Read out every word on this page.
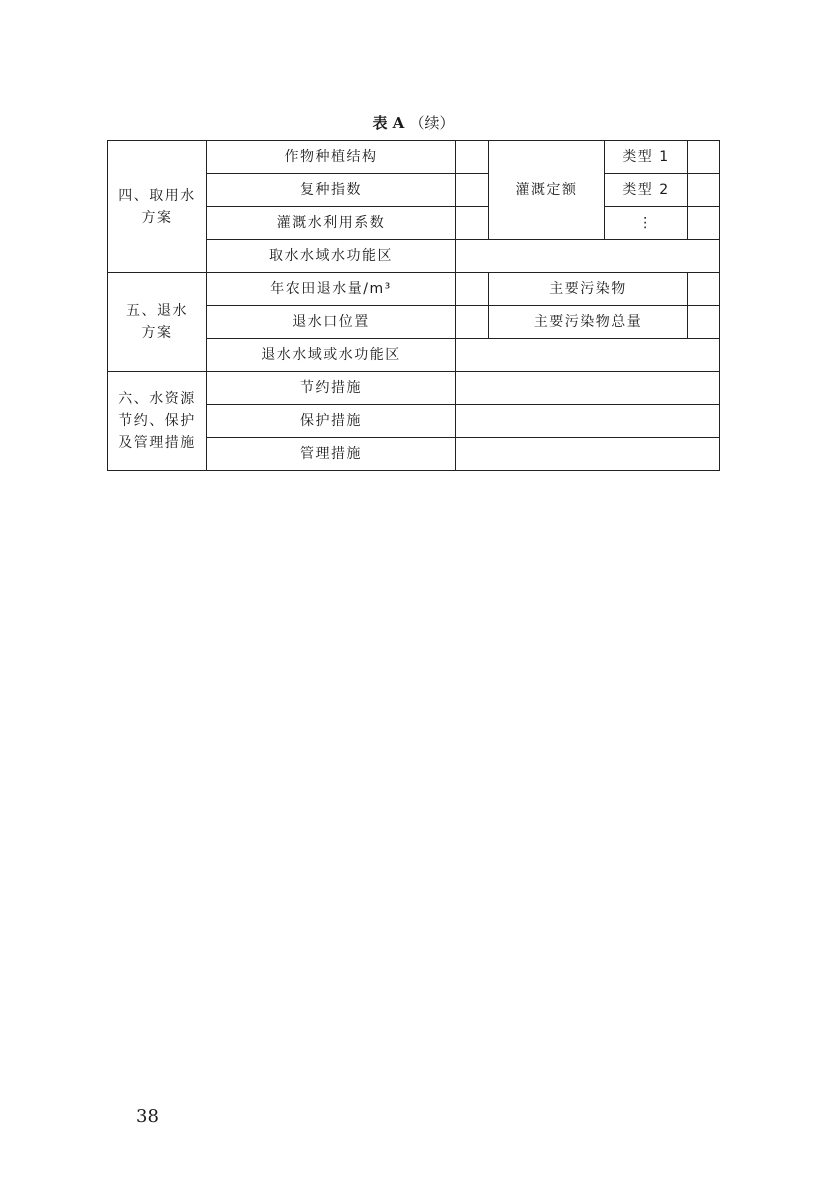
表 A （续）
四、取用水
方案	作物种植结构		灌溉定额	类型 1	
	复种指数			类型 2	
	灌溉水利用系数			⋮	
	取水水域水功能区				

五、退水
方案	年农田退水量/m³		主要污染物		
	退水口位置		主要污染物总量		
	退水水域或水功能区				

六、水资源
节约、保护
及管理措施	节约措施				
	保护措施				
	管理措施				
38
